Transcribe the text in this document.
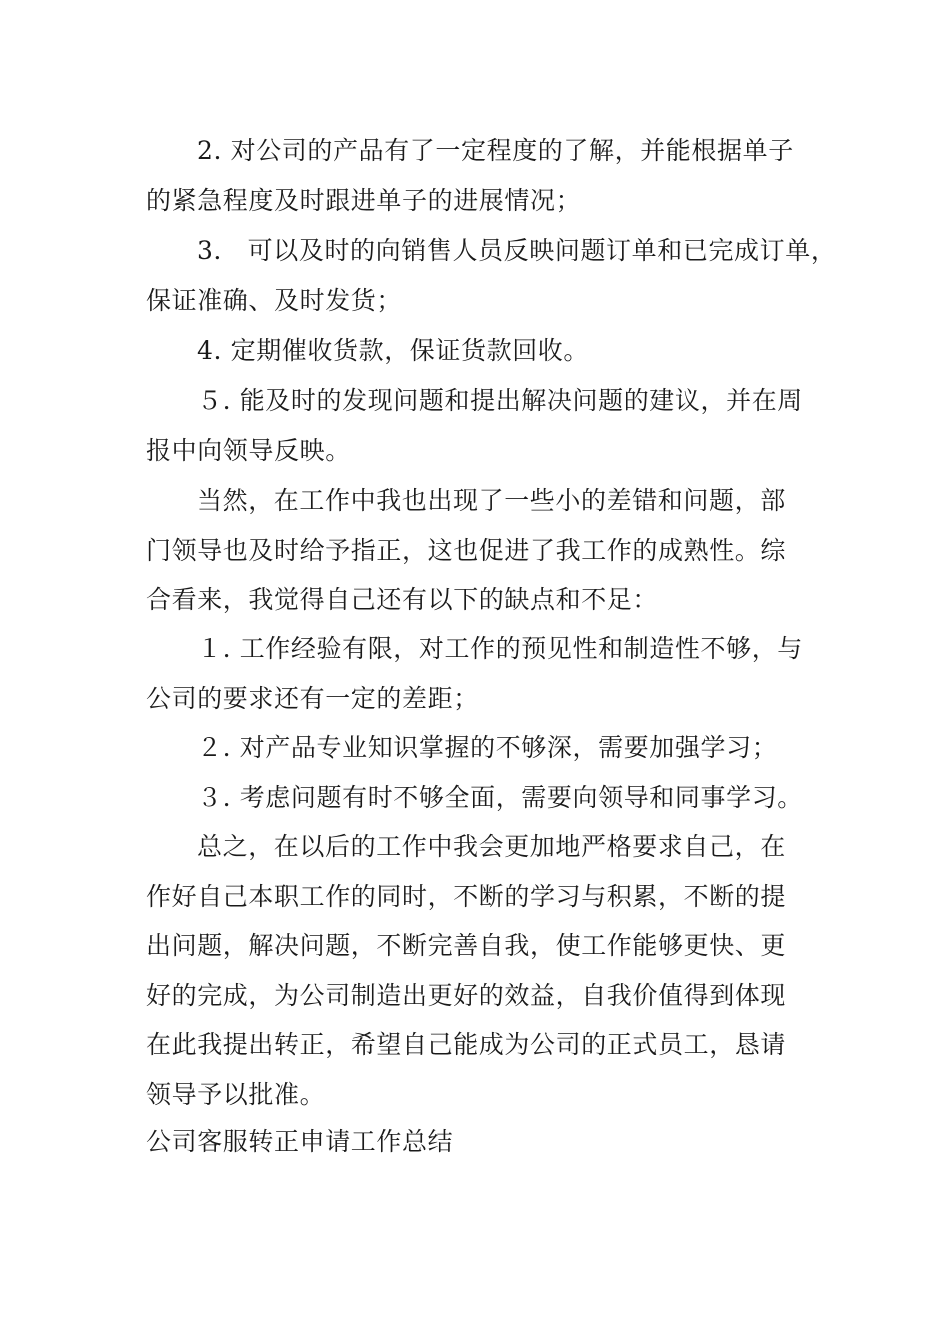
2. 对公司的产品有了一定程度的了解，并能根据单子
的紧急程度及时跟进单子的进展情况；
3． 可以及时的向销售人员反映问题订单和已完成订单，
保证准确、及时发货；
4. 定期催收货款，保证货款回收。
５. 能及时的发现问题和提出解决问题的建议，并在周
报中向领导反映。
当然，在工作中我也出现了一些小的差错和问题，部
门领导也及时给予指正，这也促进了我工作的成熟性。综
合看来，我觉得自己还有以下的缺点和不足：
１. 工作经验有限，对工作的预见性和制造性不够，与
公司的要求还有一定的差距；
２. 对产品专业知识掌握的不够深，需要加强学习；
３. 考虑问题有时不够全面，需要向领导和同事学习。
总之，在以后的工作中我会更加地严格要求自己，在
作好自己本职工作的同时，不断的学习与积累，不断的提
出问题，解决问题，不断完善自我，使工作能够更快、更
好的完成，为公司制造出更好的效益，自我价值得到体现
在此我提出转正，希望自己能成为公司的正式员工，恳请
领导予以批准。
公司客服转正申请工作总结
